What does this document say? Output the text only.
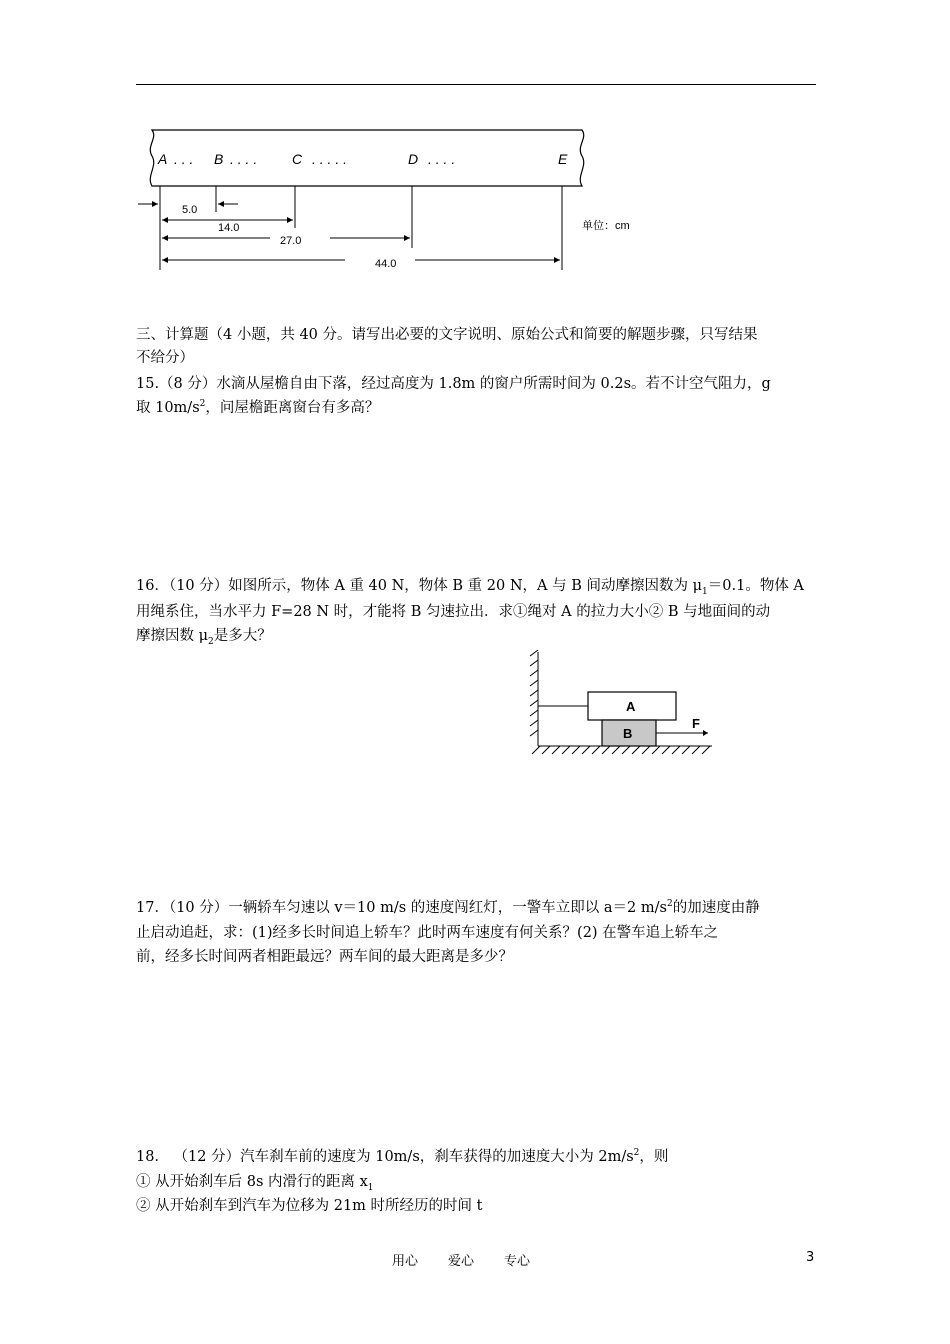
A . . . B . . . . C . . . . .	D . . . .	E
5.0
14.0
27.0
44.0
单位：cm
三、计算题（4 小题，共 40 分。请写出必要的文字说明、原始公式和简要的解题步骤，只写结果
不给分）
15.（8 分）水滴从屋檐自由下落，经过高度为 1.8m 的窗户所需时间为 0.2s。若不计空气阻力，g
取 $10m/s^2$，问屋檐距离窗台有多高？
16．（10 分）如图所示，物体 A 重 40 N，物体 B 重 20 N，A 与 B 间动摩擦因数为 $\mu_1=0.1$。物体 A
用绳系住，当水平力 F=28 N 时，才能将 B 匀速拉出．求①绳对 A 的拉力大小② B 与地面间的动
摩擦因数 $\mu_2$是多大？
A
B
F
17．（10 分）一辆轿车匀速以 v＝10 m/s 的速度闯红灯，一警车立即以 a＝2 $m/s^2$的加速度由静
止启动追赶，求：(1)经多长时间追上轿车？此时两车速度有何关系？(2) 在警车追上轿车之
前，经多长时间两者相距最远？两车间的最大距离是多少？
18． （12 分）汽车刹车前的速度为 10m/s，刹车获得的加速度大小为 $2m/s^2$，则
① 从开始刹车后 8s 内滑行的距离 $x_1$
② 从开始刹车到汽车为位移为 21m 时所经历的时间 t
用心 爱心 专心	3
